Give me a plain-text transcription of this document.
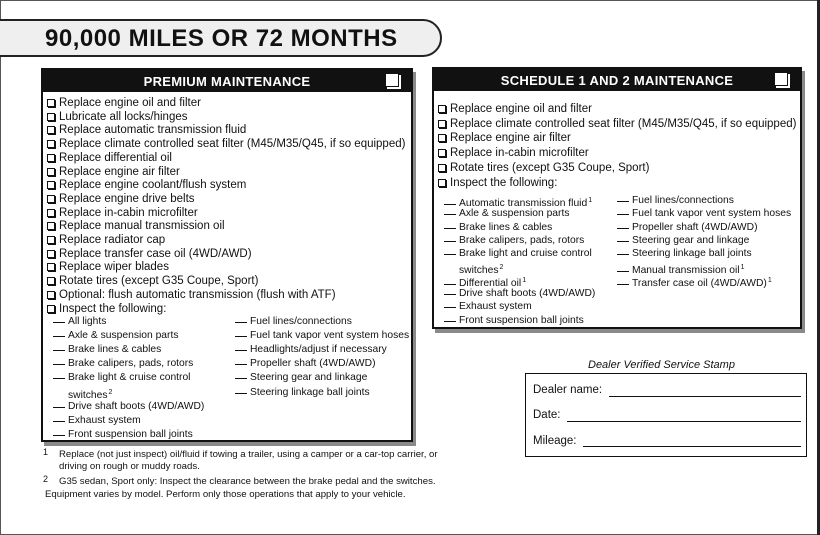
90,000 MILES OR 72 MONTHS
PREMIUM MAINTENANCE
Replace engine oil and filter
Lubricate all locks/hinges
Replace automatic transmission fluid
Replace climate controlled seat filter (M45/M35/Q45, if so equipped)
Replace differential oil
Replace engine air filter
Replace engine coolant/flush system
Replace engine drive belts
Replace in-cabin microfilter
Replace manual transmission oil
Replace radiator cap
Replace transfer case oil (4WD/AWD)
Replace wiper blades
Rotate tires (except G35 Coupe, Sport)
Optional: flush automatic transmission (flush with ATF)
Inspect the following:
All lights
Axle & suspension parts
Brake lines & cables
Brake calipers, pads, rotors
Brake light & cruise control
switches$^2$
Drive shaft boots (4WD/AWD)
Exhaust system
Front suspension ball joints
Fuel lines/connections
Fuel tank vapor vent system hoses
Headlights/adjust if necessary
Propeller shaft (4WD/AWD)
Steering gear and linkage
Steering linkage ball joints
SCHEDULE 1 AND 2 MAINTENANCE
Replace engine oil and filter
Replace climate controlled seat filter (M45/M35/Q45, if so equipped)
Replace engine air filter
Replace in-cabin microfilter
Rotate tires (except G35 Coupe, Sport)
Inspect the following:
Automatic transmission fluid$^1$
Axle & suspension parts
Brake lines & cables
Brake calipers, pads, rotors
Brake light and cruise control
switches$^2$
Differential oil$^1$
Drive shaft boots (4WD/AWD)
Exhaust system
Front suspension ball joints
Fuel lines/connections
Fuel tank vapor vent system hoses
Propeller shaft (4WD/AWD)
Steering gear and linkage
Steering linkage ball joints
Manual transmission oil$^1$
Transfer case oil $(4WD/AWD)^1$
Dealer Verified Service Stamp
Dealer name:
Date:
Mileage:
1 Replace (not just inspect) oil/fluid if towing a trailer, using a camper or a car-top carrier, or
driving on rough or muddy roads.
2 G35 sedan, Sport only: Inspect the clearance between the brake pedal and the switches.
Equipment varies by model. Perform only those operations that apply to your vehicle.
